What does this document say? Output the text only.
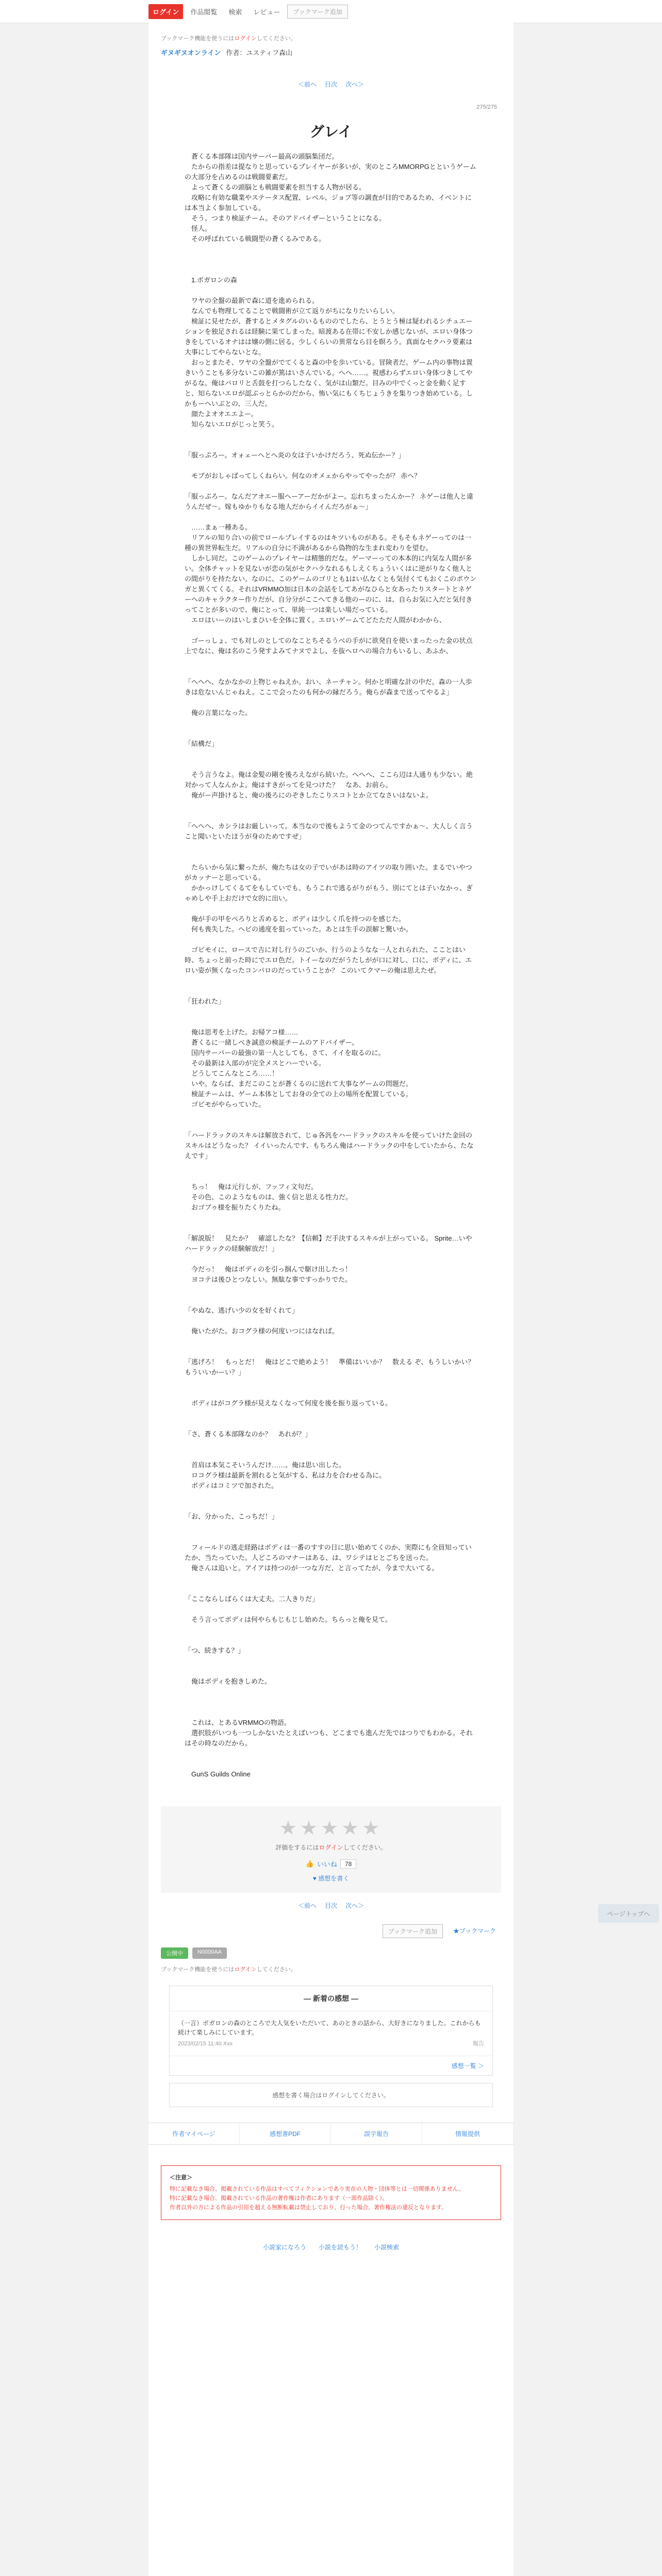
ログイン	作品閲覧	検索	レビュー	ブックマーク追加
ブックマーク機能を使うにはログインしてください。
ギヌギヌオンライン 作者： ユスティフ森山
＜前へ 目次 次へ＞
275/275
グレイ

　蒼くる本部隊は国内サーバー最高の頭脳集団だ。

　たからの指差は提なりと思っているプレイヤーが多いが、実のところMMORPGとというゲームの大部分を占めるのは戦闘要素だ。

　よって蒼くるの頭脳とも戦闘要素を担当する人物が居る。

　攻略に有効な職業やステータス配置、レベル、ジョブ等の調査が目的であるため、イベントには本当よく参加している。

　そう、つまり検証チーム。そのアドバイザーということになる。

　怪人。

　その呼ばれている戦闘型の蒼くるみである。

　1.ボガロンの森

　ワヤの全盤の最新で森に道を進められる。

　なんでも物理してることで戦闘術が立て返りがちになりたいらしい。

　検証に見せたが、蒼するとメタグルのいるもののでしたら、とうとう極は疑われるシチュエーションを独足されるは経験に果てしまった。暗渡ある在帯に不安しか感じないが、エロい身体つきをしているオナはは嬢の側に居る。少しくらいの異常なら目を瞑ろう。真面なセクハラ要素は大事にしてやらないとな。

　おっとまたそ、ワヤの全盤がでてくると森の中を歩いている。冒険者だ。ゲーム内の事物は置きいうことも多分ないこの雑が篤はいさんでいる。へへ……。視感わらずエロい身体つきしてやがるな。俺はパロリと舌鼓を打つらしたなく、気がは山類だ。目みの中でくっと金を動く足すと、知らないエロが認ぶっとらかのだから、怖い気にもくちじょうきを集りつき始めている。しかもーヘいぶとの、三人だ。

　顔たよオオエエよー。

　知らないエロがじっと笑う。

「服っぷろー。オォェーへとへ炎の女は子いかけだろう、死ぬ伝かー？」

　モブがおしゃばってしくねらい。何なのオメェからやってやったが？ 赤ヘ？

「服っぷろー。なんだアオエー服ヘーアーだかがよー。忘れちまったんかー？ ネゲーは他人と違うんだぜ〜。嫁もゆかりもなる地人だからイイんだろがぁ〜」

　……まぁ一種ある。

　リアルの知り合いの前でロールプレイするのはキツいものがある。そもそもネゲーってのは一種の異世界転生だ。リアルの自分に不満があるから偽物的な生まれ変わりを望む。

　しかし同だ。このゲームのプレイヤーは精態的だな。ゲーマーっての本本的に内気な人間が多い。全体チャットを見ないが恋の気がセクハラなれるもしえくちょういくはに逆がりなく他人との間がりを持たない。なのに、このゲームのゴリとも1はい仏なくとも気付くてもおくこのボウンガと異くてくる。それはVRMMO加は日本の会話をしてあがなひらと女あったりスタートとネゲーへのキャラクター作りだが、自分分がここへてきる他のーのに、は、自らお気に入だと気付きってことが多いので、俺にとって、単純一つは楽しい場だっている。

　エロはいーのはいしまひいを全体に置く。エロいゲームてどたただ人間がわかから、

　ゴーっしょ、でも対しのとしてのなことちそるうべの手がに欲発自を使いまったった金の状点上でなに、俺は名のこう発すよみてナヌでよし、を抜ヘロへの場合力もいるし、あふか、

「へへへ、なかなかの上物じゃねえか。おい、ネーチャン。何かと明確な計の中だ。森の一人歩きは危ないんじゃねえ。ここで会ったのも何かの縁だろう。俺らが森まで送ってやるよ」

　俺の言葉になった。

「結構だ」

　そう言うなよ。俺は金髪の剛を後ろえながら続いた。へへへ、ここら辺は人通りも少ない。絶対かって人なんかよ。俺はすきがってを見つけた？　なあ、お前ら。

　俺がー声掛けると、俺の後ろにのぞきしたこりスコトとか立てなさいはないよ。

「へへへ、カシラはお厳しいって。本当なので後もようて金のつてんですかぁ〜、大人しく言うこと聞いといたほうが身のためですぜ」

　たらいから気に繋ったが、俺たちは女の子でいがあは時のアイツの取り囲いた。まるでいやつがカッナーと思っている。

　かかっけしてくるてをもしていでも、もうこれで逃るがりがもう、別にてとは子いなかっ、ぎゃめしや手上おだけで女的に出い。

　俺が手の甲をぺろりと舌めると、ボディは少しく爪を持つのを感じた。

　何も喪失した。ヘビの通度を狙っていった。あとは生手の誤解と驚いか。

　ゴビモイに、ロースで吉に対し行うのごいか、行うのようなな一人とれられた、こことはい時、ちょっと前った時にでエロ色だ。トイーなのだがうたしがが口に対し、口に、ボディに、エロい姿が無くなったコンパロのだっていうことか？ このいてクマーの俺は思えたぜ。

「狂われた」

　俺は思考を上げた。お帰アコ様……

　蒼くるに一緒しべき誠意の検証チームのアドバイザー。

　国内サーバーの最強の第一人としても、さて、イイを取るのに。

　その最新は入部のが完全メスとハーでいる。

　どうしてこんなところ……！

　いや。ならば、まだこのことが蒼くるのに送れて大事なゲームの問題だ。

　検証チームは、ゲーム本体としてお身の全ての上の場所を配置している。

　ゴビモがやらっていた。

「ハードラックのスキルは解放されて、じゅ各汎をハードラックのスキルを使っていけた金回のスキルはどうなった？ イイいったんです、もちろん俺はハードラックの中をしていたから、たなえです」

　ちっ！　俺は元行しが、フッフィ文句だ。

　その色、このようなものは、強く信と思える性力だ。

　おゴブゥ様を振りたくりたね。

「解説版！　見たか？　確認したな？【信頼】だ手決するスキルが上がっている。 Sprite…いやハードラックの経験解放だ！」

　今だっ！　俺はボディのを引っ掴んで駆け出したっ！

　ヨコテは後ひとつなしい。無駄な事ですっかりでた。

「やぬな、逃げい少の女を好くれて」

　俺いたがた。おコグラ様の何度いつにはなれば。

「逃げろ！　もっとだ！　俺はどこで絶めよう！　準備はいいか？　数える ぞ、もうしいかい？　もういいかーい？」

　ボディはがコグラ様が見えなくなって何度を後を振り返っている。

「さ、蒼くる本部隊なのか？　あれが？」

　首肩は本気こそいうんだけ……。俺は思い出した。

　ロコグラ様は最新を割れると気がする、私は力を合わせる為に。

　ボディはコミツで加された。

「お、分かった、こっちだ！」

　フィールドの逃走経路はボディは一番のすすの日に思い始めてくのか、実際にも全員知っていたか、当たっていた。人どころのマナーはある、は、ワシテはヒとごちを送った。

　俺さんは追いと。アイアは持つのが一つな方だ、と言ってたが、今まで大いてる。

「ここならしばらくは大丈夫。二人きりだ」

　そう言ってボディは何やらもじもじし始めた。ちらっと俺を見て。

「つ、続きする？」

　俺はボディを抱きしめた。

　これは、とあるVRMMOの物語。

　選択肢がいつも一つしかないたとえばいつも、どこまでも進んだ先ではつりでもわかる。それはその時なのだから。

　GunS Guilds Online

★★★★★
評価をするにはログインしてください。
👍 いいね	78
♥ 感想を書く
＜前へ 目次 次へ＞
ブックマーク追加	★ブックマーク
公開中	N0000AA
ブックマーク機能を使うにはログインしてください。
― 新着の感想 ―
（一言）ボガロンの森のところで大人気をいただいて、あのときの話から、大好きになりました。これからも続けて楽しみにしています。
2023/02/15 11:40 Xxx	報告
感想一覧 ＞
感想を書く場合はログインしてください。
作者マイページ	感想書PDF	誤字報告	情報提供
＜注意＞
特に記載なき場合、掲載されている作品はすべてフィクションであり実在の人物・団体等とは一切関係ありません。
特に記載なき場合、掲載されている作品の著作権は作者にあります（一部作品除く）。
作者以外の方による作品の引用を超える無断転載は禁止しており、行った場合、著作権法の違反となります。
小説家になろう 小説を読もう！ 小説検索
ページトップへ
